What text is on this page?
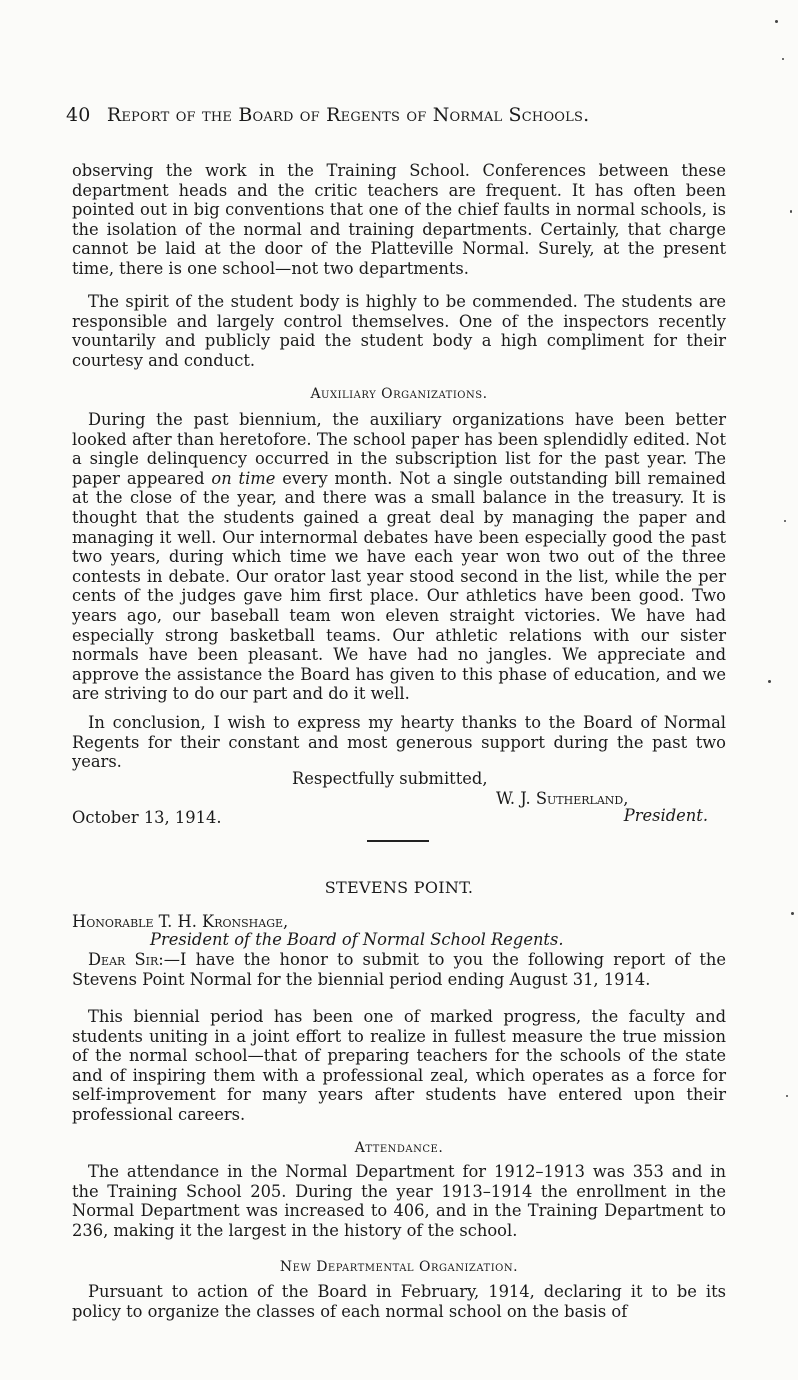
40 Report of the Board of Regents of Normal Schools.

observing the work in the Training School. Conferences between these department heads and the critic teachers are frequent. It has often been pointed out in big conventions that one of the chief faults in normal schools, is the isolation of the normal and training departments. Certainly, that charge cannot be laid at the door of the Platteville Normal. Surely, at the present time, there is one school—not two departments.

The spirit of the student body is highly to be commended. The students are responsible and largely control themselves. One of the inspectors recently vountarily and publicly paid the student body a high compliment for their courtesy and conduct.

Auxiliary Organizations.

During the past biennium, the auxiliary organizations have been better looked after than heretofore. The school paper has been splendidly edited. Not a single delinquency occurred in the subscription list for the past year. The paper appeared on time every month. Not a single outstanding bill remained at the close of the year, and there was a small balance in the treasury. It is thought that the students gained a great deal by managing the paper and managing it well. Our internormal debates have been especially good the past two years, during which time we have each year won two out of the three contests in debate. Our orator last year stood second in the list, while the per cents of the judges gave him first place. Our athletics have been good. Two years ago, our baseball team won eleven straight victories. We have had especially strong basketball teams. Our athletic relations with our sister normals have been pleasant. We have had no jangles. We appreciate and approve the assistance the Board has given to this phase of education, and we are striving to do our part and do it well.

In conclusion, I wish to express my hearty thanks to the Board of Normal Regents for their constant and most generous support during the past two years.

Respectfully submitted,
W. J. Sutherland,
October 13, 1914.	President.
STEVENS POINT.
Honorable T. H. Kronshage,
President of the Board of Normal School Regents.

Dear Sir:—I have the honor to submit to you the following report of the Stevens Point Normal for the biennial period ending August 31, 1914.

This biennial period has been one of marked progress, the faculty and students uniting in a joint effort to realize in fullest measure the true mission of the normal school—that of preparing teachers for the schools of the state and of inspiring them with a professional zeal, which operates as a force for self-improvement for many years after students have entered upon their professional careers.

Attendance.

The attendance in the Normal Department for 1912–1913 was 353 and in the Training School 205. During the year 1913–1914 the enrollment in the Normal Department was increased to 406, and in the Training Department to 236, making it the largest in the history of the school.

New Departmental Organization.

Pursuant to action of the Board in February, 1914, declaring it to be its policy to organize the classes of each normal school on the basis of
